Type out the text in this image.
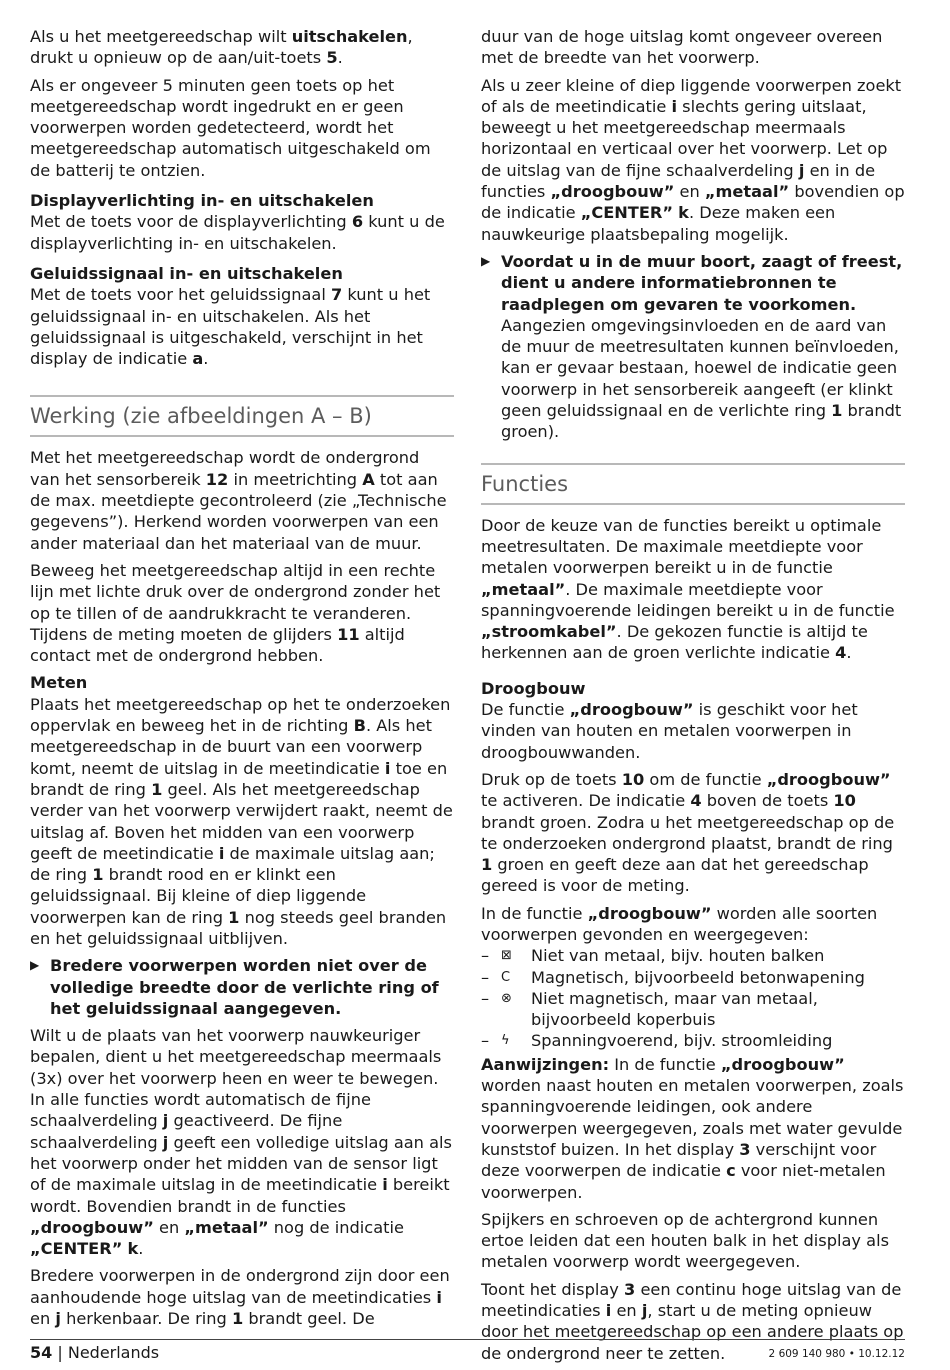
Als u het meetgereedschap wilt uitschakelen, drukt u opnieuw op de aan/uit-toets 5.

Als er ongeveer 5 minuten geen toets op het meetgereedschap wordt ingedrukt en er geen voorwerpen worden gedetecteerd, wordt het meetgereedschap automatisch uitgeschakeld om de batterij te ontzien.

Displayverlichting in- en uitschakelen

Met de toets voor de displayverlichting 6 kunt u de displayverlichting in- en uitschakelen.

Geluidssignaal in- en uitschakelen

Met de toets voor het geluidssignaal 7 kunt u het geluidssignaal in- en uitschakelen. Als het geluidssignaal is uitgeschakeld, verschijnt in het display de indicatie a.

Werking (zie afbeeldingen A – B)

Met het meetgereedschap wordt de ondergrond van het sensorbereik 12 in meetrichting A tot aan de max. meetdiepte gecontroleerd (zie „Technische gegevens”). Herkend worden voorwerpen van een ander materiaal dan het materiaal van de muur.

Beweeg het meetgereedschap altijd in een rechte lijn met lichte druk over de ondergrond zonder het op te tillen of de aandrukkracht te veranderen. Tijdens de meting moeten de glijders 11 altijd contact met de ondergrond hebben.

Meten

Plaats het meetgereedschap op het te onderzoeken oppervlak en beweeg het in de richting B. Als het meetgereedschap in de buurt van een voorwerp komt, neemt de uitslag in de meetindicatie i toe en brandt de ring 1 geel. Als het meetgereedschap verder van het voorwerp verwijdert raakt, neemt de uitslag af. Boven het midden van een voorwerp geeft de meetindicatie i de maximale uitslag aan; de ring 1 brandt rood en er klinkt een geluidssignaal. Bij kleine of diep liggende voorwerpen kan de ring 1 nog steeds geel branden en het geluidssignaal uitblijven.

▶ Bredere voorwerpen worden niet over de volledige breedte door de verlichte ring of het geluidssignaal aangegeven.

Wilt u de plaats van het voorwerp nauwkeuriger bepalen, dient u het meetgereedschap meermaals (3x) over het voorwerp heen en weer te bewegen. In alle functies wordt automatisch de fijne schaalverdeling j geactiveerd. De fijne schaalverdeling j geeft een volledige uitslag aan als het voorwerp onder het midden van de sensor ligt of de maximale uitslag in de meetindicatie i bereikt wordt. Bovendien brandt in de functies „droogbouw” en „metaal” nog de indicatie „CENTER” k.

Bredere voorwerpen in de ondergrond zijn door een aanhoudende hoge uitslag van de meetindicaties i en j herkenbaar. De ring 1 brandt geel. De

duur van de hoge uitslag komt ongeveer overeen met de breedte van het voorwerp.

Als u zeer kleine of diep liggende voorwerpen zoekt of als de meetindicatie i slechts gering uitslaat, beweegt u het meetgereedschap meermaals horizontaal en verticaal over het voorwerp. Let op de uitslag van de fijne schaalverdeling j en in de functies „droogbouw” en „metaal” bovendien op de indicatie „CENTER” k. Deze maken een nauwkeurige plaatsbepaling mogelijk.

▶ Voordat u in de muur boort, zaagt of freest, dient u andere informatiebronnen te raadplegen om gevaren te voorkomen. Aangezien omgevingsinvloeden en de aard van de muur de meetresultaten kunnen beïnvloeden, kan er gevaar bestaan, hoewel de indicatie geen voorwerp in het sensorbereik aangeeft (er klinkt geen geluidssignaal en de verlichte ring 1 brandt groen).
Functies

Door de keuze van de functies bereikt u optimale meetresultaten. De maximale meetdiepte voor metalen voorwerpen bereikt u in de functie „metaal”. De maximale meetdiepte voor spanningvoerende leidingen bereikt u in de functie „stroomkabel”. De gekozen functie is altijd te herkennen aan de groen verlichte indicatie 4.

Droogbouw

De functie „droogbouw” is geschikt voor het vinden van houten en metalen voorwerpen in droogbouwwanden.

Druk op de toets 10 om de functie „droogbouw” te activeren. De indicatie 4 boven de toets 10 brandt groen. Zodra u het meetgereedschap op de te onderzoeken ondergrond plaatst, brandt de ring 1 groen en geeft deze aan dat het gereedschap gereed is voor de meting.

In de functie „droogbouw” worden alle soorten voorwerpen gevonden en weergegeven:

– ⊠	Niet van metaal, bijv. houten balken
– C	Magnetisch, bijvoorbeeld betonwapening
– ⊗	Niet magnetisch, maar van metaal, bijvoorbeeld koperbuis
– ϟ	Spanningvoerend, bijv. stroomleiding

Aanwijzingen: In de functie „droogbouw” worden naast houten en metalen voorwerpen, zoals spanningvoerende leidingen, ook andere voorwerpen weergegeven, zoals met water gevulde kunststof buizen. In het display 3 verschijnt voor deze voorwerpen de indicatie c voor niet-metalen voorwerpen.

Spijkers en schroeven op de achtergrond kunnen ertoe leiden dat een houten balk in het display als metalen voorwerp wordt weergegeven.

Toont het display 3 een continu hoge uitslag van de meetindicaties i en j, start u de meting opnieuw door het meetgereedschap op een andere plaats op de ondergrond neer te zetten.

54 | Nederlands	2 609 140 980 • 10.12.12
